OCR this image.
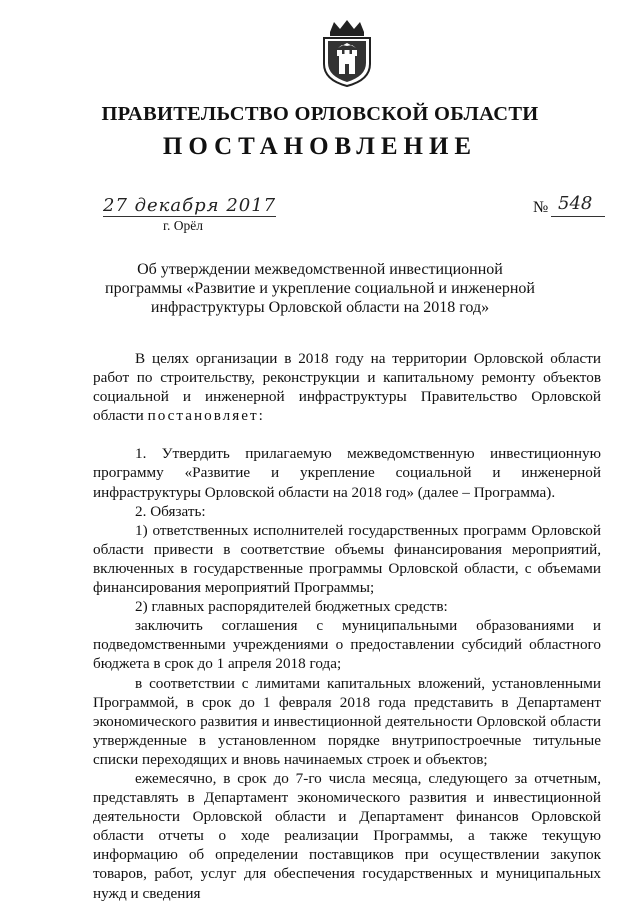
ПРАВИТЕЛЬСТВО ОРЛОВСКОЙ ОБЛАСТИ
ПОСТАНОВЛЕНИЕ
27 декабря 2017
г. Орёл
№ 548
Об утверждении межведомственной инвестиционной
программы «Развитие и укрепление социальной и инженерной
инфраструктуры Орловской области на 2018 год»

В целях организации в 2018 году на территории Орловской области работ по строительству, реконструкции и капитальному ремонту объектов социальной и инженерной инфраструктуры Правительство Орловской области постановляет:

1. Утвердить прилагаемую межведомственную инвестиционную программу «Развитие и укрепление социальной и инженерной инфраструктуры Орловской области на 2018 год» (далее – Программа).

2. Обязать:

1) ответственных исполнителей государственных программ Орловской области привести в соответствие объемы финансирования мероприятий, включенных в государственные программы Орловской области, с объемами финансирования мероприятий Программы;

2) главных распорядителей бюджетных средств:

заключить соглашения с муниципальными образованиями и подведомственными учреждениями о предоставлении субсидий областного бюджета в срок до 1 апреля 2018 года;

в соответствии с лимитами капитальных вложений, установленными Программой, в срок до 1 февраля 2018 года представить в Департамент экономического развития и инвестиционной деятельности Орловской области утвержденные в установленном порядке внутрипостроечные титульные списки переходящих и вновь начинаемых строек и объектов;

ежемесячно, в срок до 7-го числа месяца, следующего за отчетным, представлять в Департамент экономического развития и инвестиционной деятельности Орловской области и Департамент финансов Орловской области отчеты о ходе реализации Программы, а также текущую информацию об определении поставщиков при осуществлении закупок товаров, работ, услуг для обеспечения государственных и муниципальных нужд и сведения
